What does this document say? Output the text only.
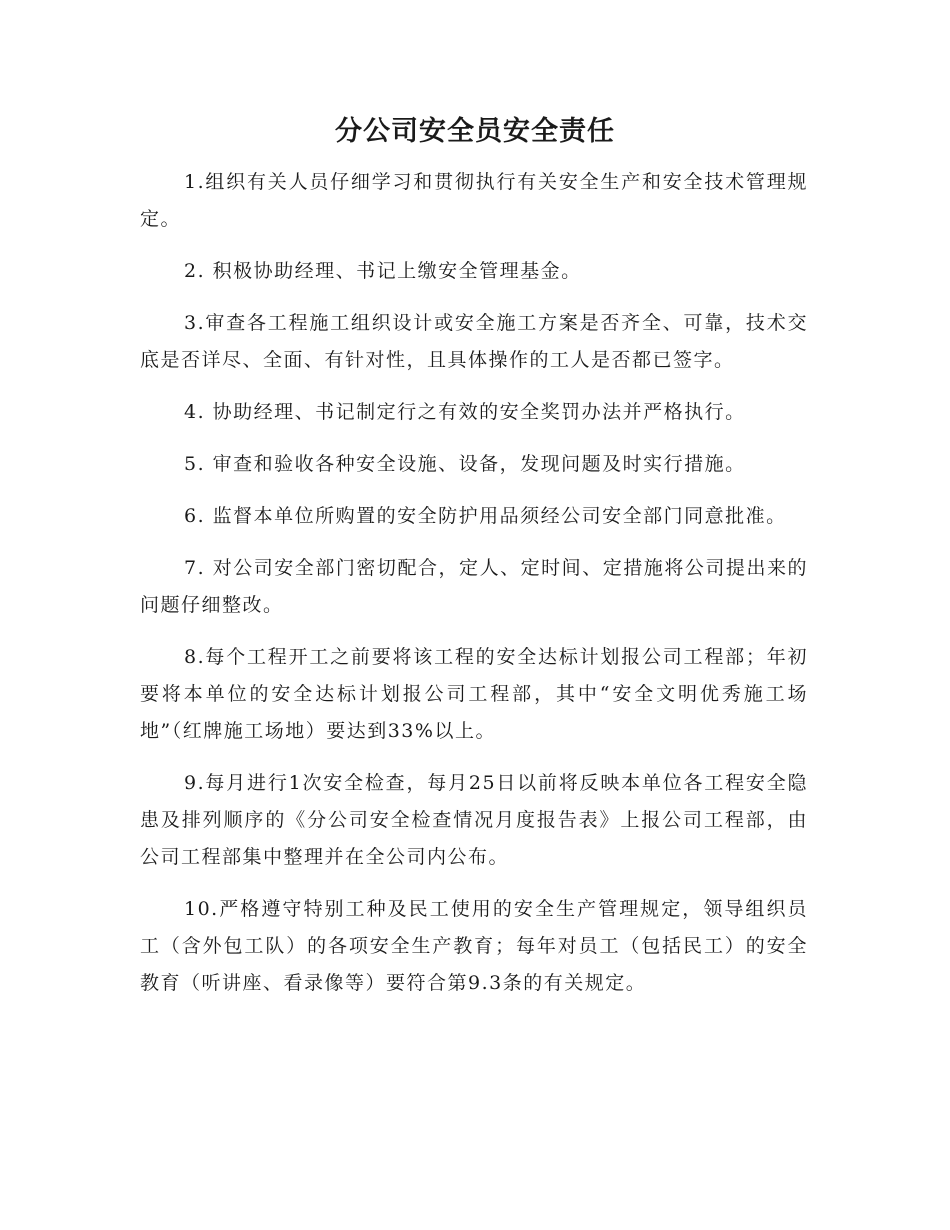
分公司安全员安全责任

1.组织有关人员仔细学习和贯彻执行有关安全生产和安全技术管理规定。

2. 积极协助经理、书记上缴安全管理基金。

3.审查各工程施工组织设计或安全施工方案是否齐全、可靠，技术交底是否详尽、全面、有针对性，且具体操作的工人是否都已签字。

4. 协助经理、书记制定行之有效的安全奖罚办法并严格执行。

5. 审查和验收各种安全设施、设备，发现问题及时实行措施。

6. 监督本单位所购置的安全防护用品须经公司安全部门同意批准。

7. 对公司安全部门密切配合，定人、定时间、定措施将公司提出来的问题仔细整改。

8.每个工程开工之前要将该工程的安全达标计划报公司工程部；年初要将本单位的安全达标计划报公司工程部，其中“安全文明优秀施工场地”（红牌施工场地）要达到33%以上。

9.每月进行1次安全检查，每月25日以前将反映本单位各工程安全隐患及排列顺序的《分公司安全检查情况月度报告表》上报公司工程部，由公司工程部集中整理并在全公司内公布。

10.严格遵守特别工种及民工使用的安全生产管理规定，领导组织员工（含外包工队）的各项安全生产教育；每年对员工（包括民工）的安全教育（听讲座、看录像等）要符合第9.3条的有关规定。
